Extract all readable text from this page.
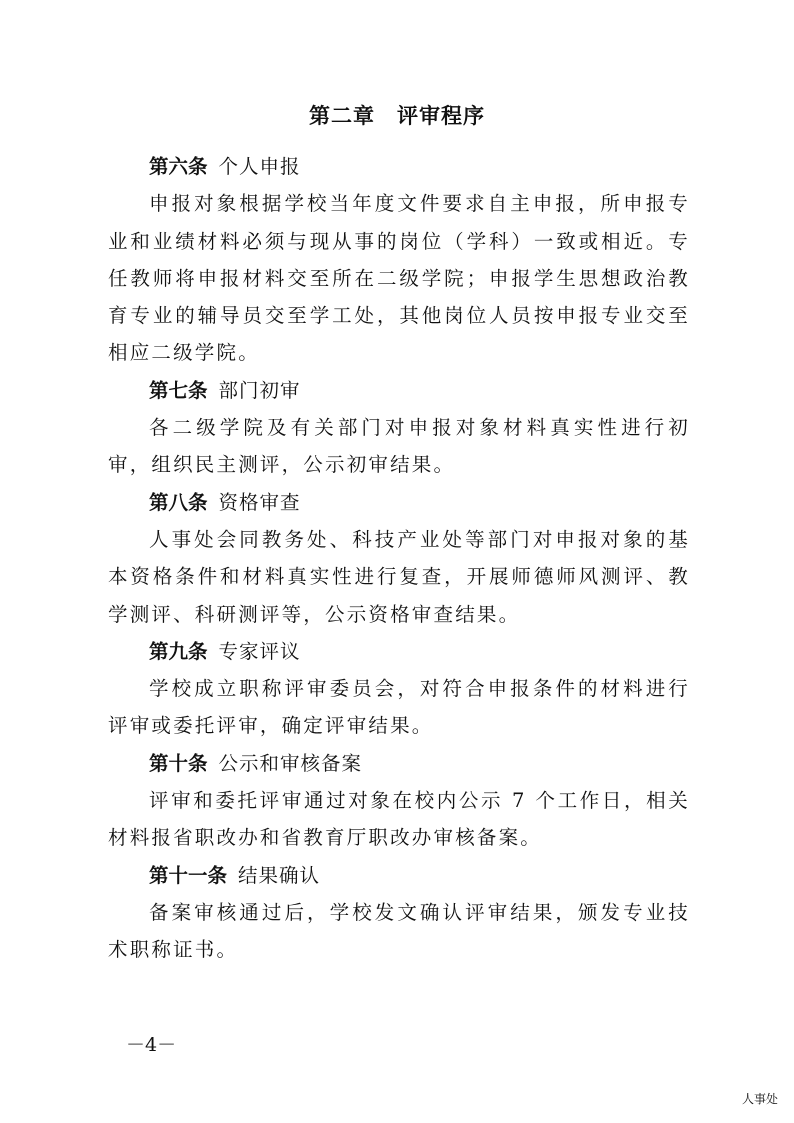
第二章　评审程序
第六条 个人申报

申报对象根据学校当年度文件要求自主申报，所申报专业和业绩材料必须与现从事的岗位（学科）一致或相近。专任教师将申报材料交至所在二级学院；申报学生思想政治教育专业的辅导员交至学工处，其他岗位人员按申报专业交至相应二级学院。

第七条 部门初审

各二级学院及有关部门对申报对象材料真实性进行初审，组织民主测评，公示初审结果。

第八条 资格审查

人事处会同教务处、科技产业处等部门对申报对象的基本资格条件和材料真实性进行复查，开展师德师风测评、教学测评、科研测评等，公示资格审查结果。

第九条 专家评议

学校成立职称评审委员会，对符合申报条件的材料进行评审或委托评审，确定评审结果。

第十条 公示和审核备案

评审和委托评审通过对象在校内公示 7 个工作日，相关材料报省职改办和省教育厅职改办审核备案。

第十一条 结果确认

备案审核通过后，学校发文确认评审结果，颁发专业技术职称证书。

－4－
人事处
